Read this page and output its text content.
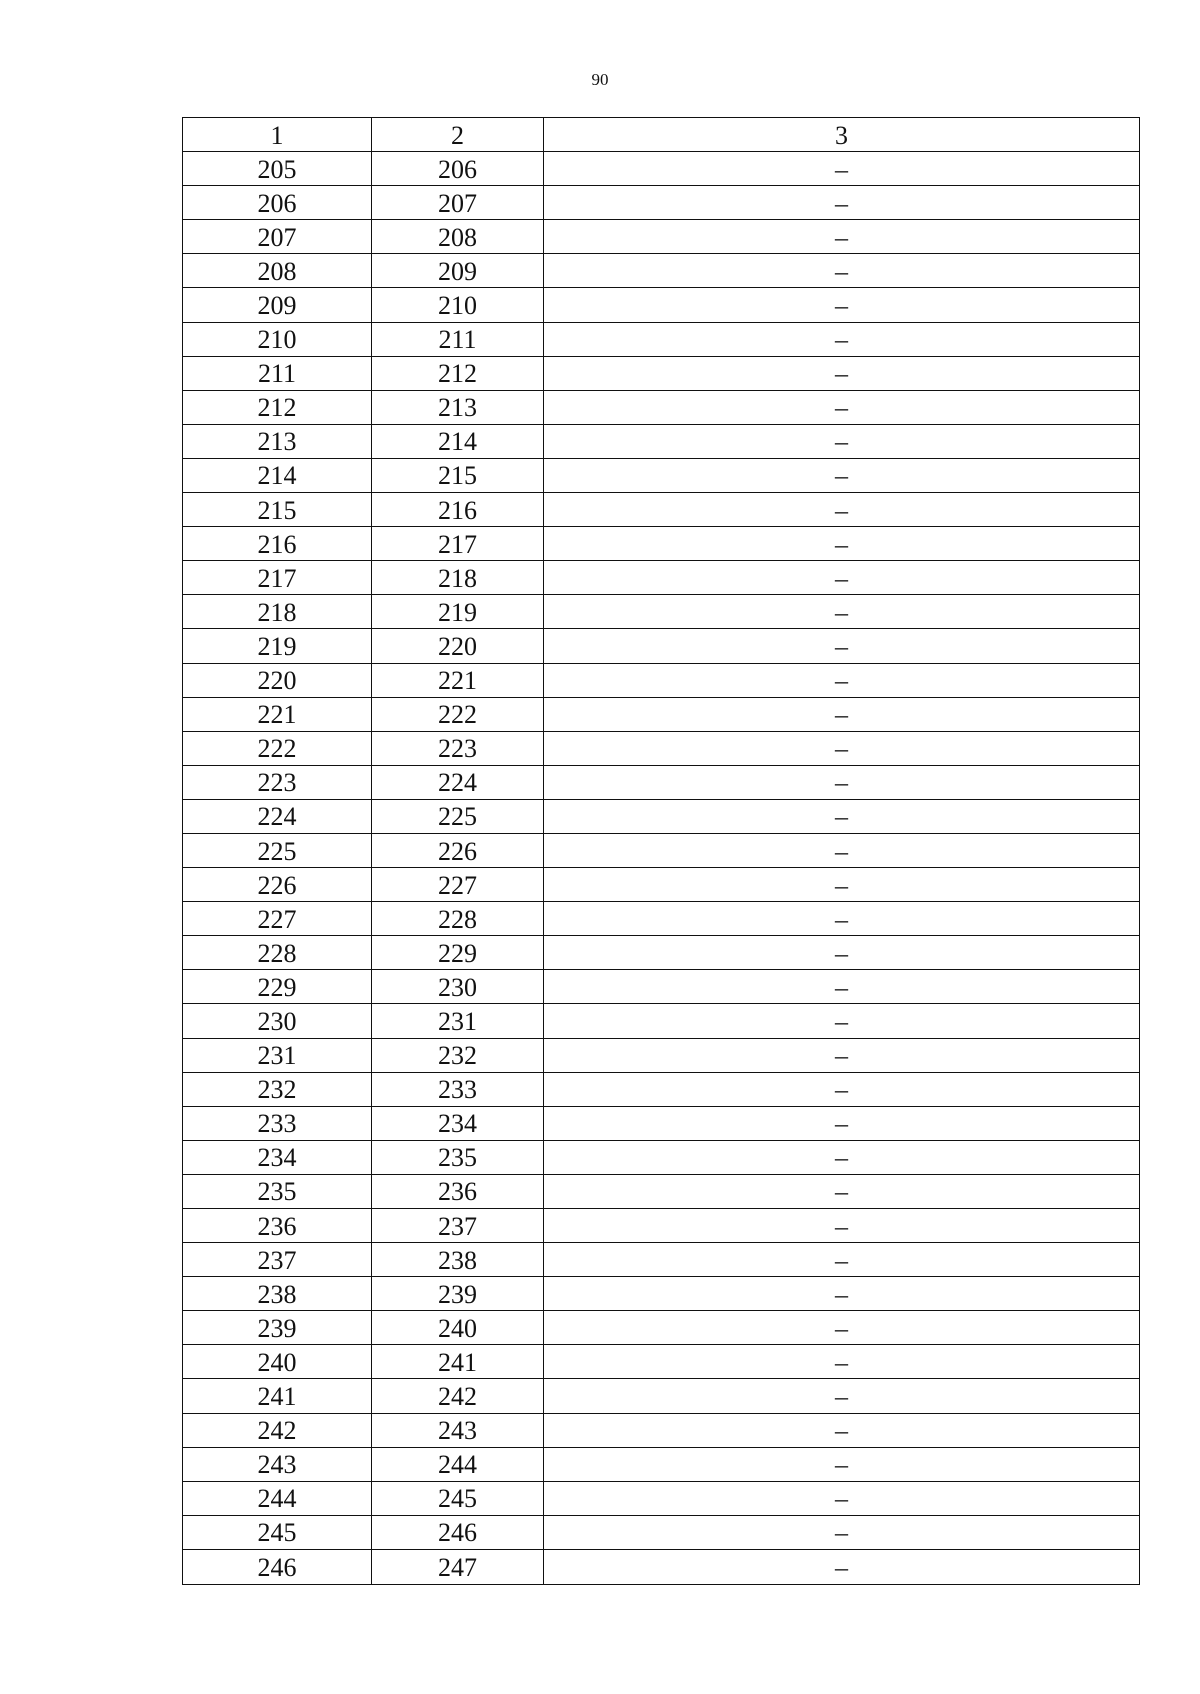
90
1	2	3
205	206	–
206	207	–
207	208	–
208	209	–
209	210	–
210	211	–
211	212	–
212	213	–
213	214	–
214	215	–
215	216	–
216	217	–
217	218	–
218	219	–
219	220	–
220	221	–
221	222	–
222	223	–
223	224	–
224	225	–
225	226	–
226	227	–
227	228	–
228	229	–
229	230	–
230	231	–
231	232	–
232	233	–
233	234	–
234	235	–
235	236	–
236	237	–
237	238	–
238	239	–
239	240	–
240	241	–
241	242	–
242	243	–
243	244	–
244	245	–
245	246	–
246	247	–
